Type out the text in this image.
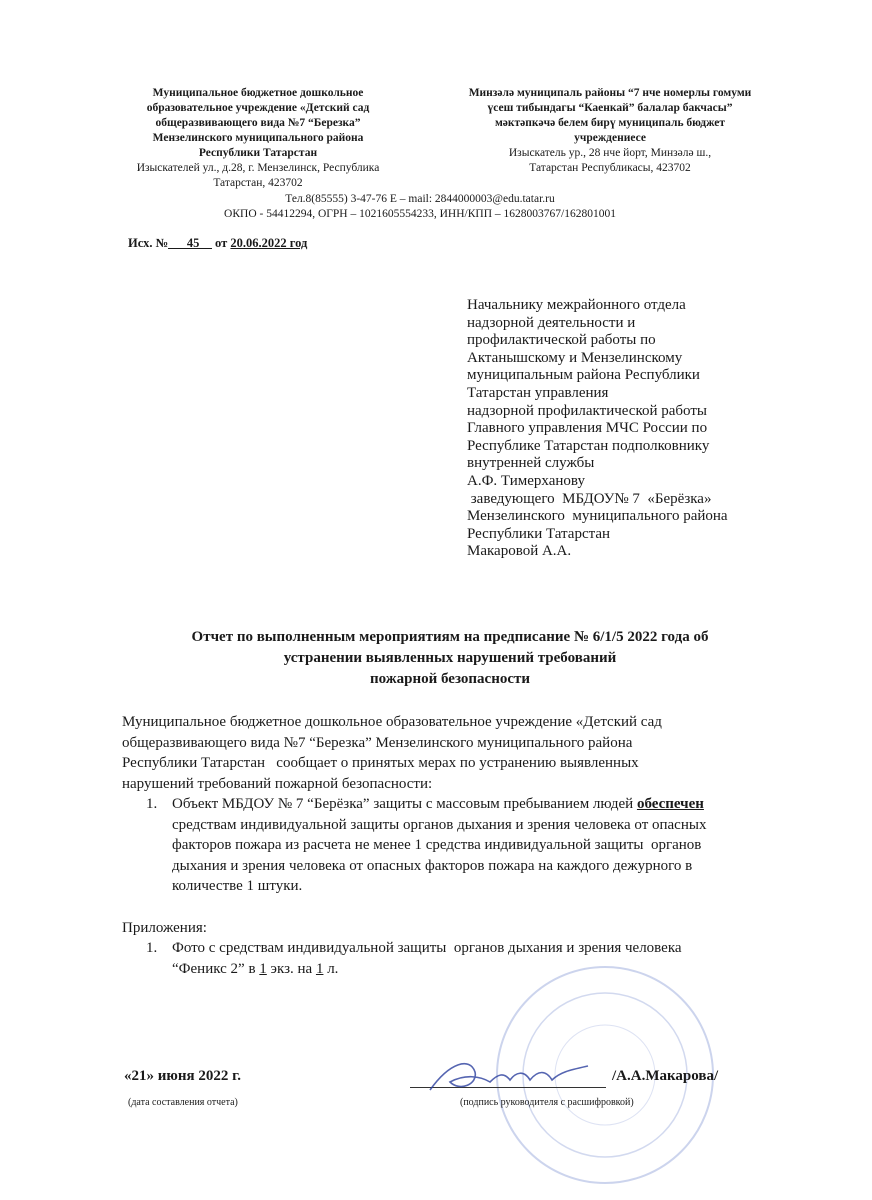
Муниципальное бюджетное дошкольное
образовательное учреждение «Детский сад
общеразвивающего вида №7 “Березка”
Мензелинского муниципального района
Республики Татарстан
Изыскателей ул., д.28, г. Мензелинск, Республика
Татарстан, 423702
Минзәлә муниципаль районы “7 нче номерлы гомуми
үсеш тибындагы “Каенкай” балалар бакчасы”
мәктәпкәчә белем бирү муниципаль бюджет
учреждениесе
Изыскатель ур., 28 нче йорт, Минзәлә ш.,
Татарстан Республикасы, 423702
Тел.8(85555) 3-47-76 Е – mail: 2844000003@edu.tatar.ru
ОКПО - 54412294, ОГРН – 1021605554233, ИНН/КПП – 1628003767/162801001
Исх. №___45__ от 20.06.2022 год
Начальнику межрайонного отдела
надзорной деятельности и
профилактической работы по
Актанышскому и Мензелинскому
муниципальным района Республики
Татарстан управления
надзорной профилактической работы
Главного управления МЧС России по
Республике Татарстан подполковнику
внутренней службы
А.Ф. Тимерханову
заведующего  МБДОУ№ 7  «Берёзка»
Мензелинского  муниципального района
Республики Татарстан
Макаровой А.А.
Отчет по выполненным мероприятиям на предписание № 6/1/5 2022 года об
устранении выявленных нарушений требований
пожарной безопасности

Муниципальное бюджетное дошкольное образовательное учреждение «Детский сад

общеразвивающего вида №7 “Березка” Мензелинского муниципального района

Республики Татарстан   сообщает о принятых мерах по устранению выявленных

нарушений требований пожарной безопасности:

1. Объект МБДОУ № 7 “Берёзка” защиты с массовым пребыванием людей обеспечен
средствам индивидуальной защиты органов дыхания и зрения человека от опасных
факторов пожара из расчета не менее 1 средства индивидуальной защиты  органов
дыхания и зрения человека от опасных факторов пожара на каждого дежурного в
количестве 1 штуки.

Приложения:

1. Фото с средствам индивидуальной защиты  органов дыхания и зрения человека
“Феникс 2” в 1 экз. на 1 л.
«21» июня 2022 г.
(дата составления отчета)
/А.А.Макарова/
(подпись руководителя с расшифровкой)
